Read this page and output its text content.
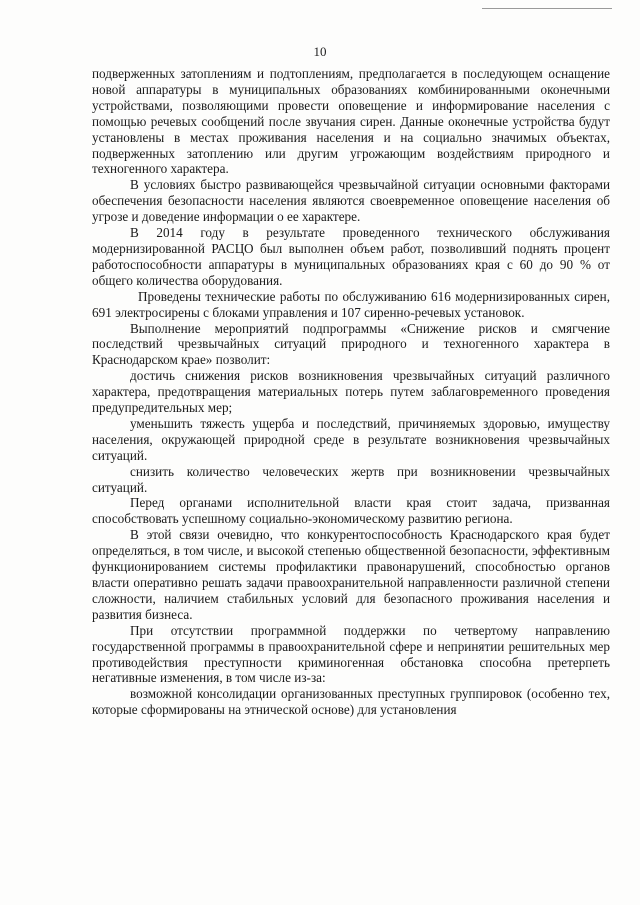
10

подверженных затоплениям и подтоплениям, предполагается в последующем оснащение новой аппаратуры в муниципальных образованиях комбинированными оконечными устройствами, позволяющими провести оповещение и информирование населения с помощью речевых сообщений после звучания сирен. Данные оконечные устройства будут установлены в местах проживания населения и на социально значимых объектах, подверженных затоплению или другим угрожающим воздействиям природного и техногенного характера.

В условиях быстро развивающейся чрезвычайной ситуации основными факторами обеспечения безопасности населения являются своевременное оповещение населения об угрозе и доведение информации о ее характере.

В 2014 году в результате проведенного технического обслуживания модернизированной РАСЦО был выполнен объем работ, позволивший поднять процент работоспособности аппаратуры в муниципальных образованиях края с 60 до 90 % от общего количества оборудования.

Проведены технические работы по обслуживанию 616 модернизированных сирен, 691 электросирены с блоками управления и 107 сиренно-речевых установок.

Выполнение мероприятий подпрограммы «Снижение рисков и смягчение последствий чрезвычайных ситуаций природного и техногенного характера в Краснодарском крае» позволит:

достичь снижения рисков возникновения чрезвычайных ситуаций различного характера, предотвращения материальных потерь путем заблаговременного проведения предупредительных мер;

уменьшить тяжесть ущерба и последствий, причиняемых здоровью, имуществу населения, окружающей природной среде в результате возникновения чрезвычайных ситуаций.

снизить количество человеческих жертв при возникновении чрезвычайных ситуаций.

Перед органами исполнительной власти края стоит задача, призванная способствовать успешному социально-экономическому развитию региона.

В этой связи очевидно, что конкурентоспособность Краснодарского края будет определяться, в том числе, и высокой степенью общественной безопасности, эффективным функционированием системы профилактики правонарушений, способностью органов власти оперативно решать задачи правоохранительной направленности различной степени сложности, наличием стабильных условий для безопасного проживания населения и развития бизнеса.

При отсутствии программной поддержки по четвертому направлению государственной программы в правоохранительной сфере и непринятии решительных мер противодействия преступности криминогенная обстановка способна претерпеть негативные изменения, в том числе из-за:

возможной консолидации организованных преступных группировок (особенно тех, которые сформированы на этнической основе) для установления
